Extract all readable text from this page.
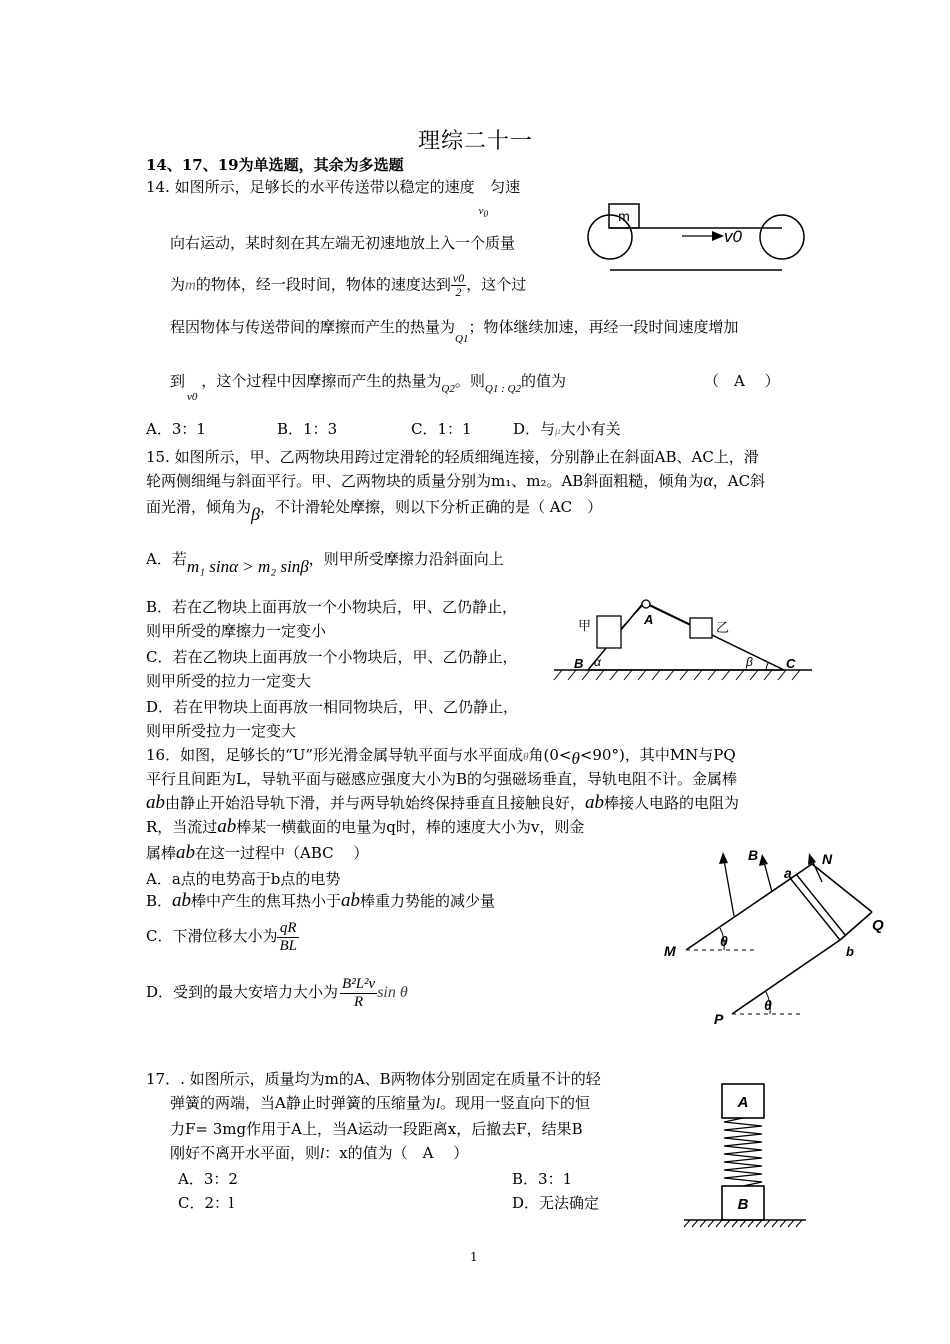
理综二十一
14、17、19为单选题，其余为多选题
14. 如图所示，足够长的水平传送带以稳定的速度$_{v_0}$匀速
向右运动，某时刻在其左端无初速地放上入一个质量
为m的物体，经一段时间，物体的速度达到 $\frac{v0}{2}$ ，这个过
程因物体与传送带间的摩擦而产生的热量为$_{Q1}$；物体继续加速，再经一段时间速度增加
到$_{v0}$，这个过程中因摩擦而产生的热量为$_{Q2}$。则$_{Q1 : Q2}$的值为	（　A　 ）
A．3：1	B．1：3	C．1：1	D．与μ大小有关
m
v0
15. 如图所示，甲、乙两物块用跨过定滑轮的轻质细绳连接，分别静止在斜面AB、AC上，滑
轮两侧细绳与斜面平行。甲、乙两物块的质量分别为m₁、m₂。AB斜面粗糙，倾角为α，AC斜
面光滑，倾角为β，不计滑轮处摩擦，则以下分析正确的是（ AC　）
A．若m₁ sinα > m₂ sinβ，则甲所受摩擦力沿斜面向上
B．若在乙物块上面再放一个小物块后，甲、乙仍静止，
则甲所受的摩擦力一定变小
C．若在乙物块上面再放一个小物块后，甲、乙仍静止，
则甲所受的拉力一定变大
D．若在甲物块上面再放一相同物块后，甲、乙仍静止，
则甲所受拉力一定变大
甲	乙
A
B	C
α	β
16．如图，足够长的“U”形光滑金属导轨平面与水平面成θ角(0<θ<90°)，其中MN与PQ
平行且间距为L，导轨平面与磁感应强度大小为B的匀强磁场垂直，导轨电阻不计。金属棒
ab由静止开始沿导轨下滑，并与两导轨始终保持垂直且接触良好，ab棒接人电路的电阻为
R，当流过ab棒某一横截面的电量为q时，棒的速度大小为v，则金
属棒ab在这一过程中（ABC　 ）
A．a点的电势高于b点的电势
B．ab棒中产生的焦耳热小于ab棒重力势能的减少量
C．下滑位移大小为 $\frac{qR}{BL}$
D．受到的最大安培力大小为 $\frac{\text{B²L²v}}{R}$ sin θ
B
a
N
Q
b
M
P
θ
θ
17．. 如图所示，质量均为m的A、B两物体分别固定在质量不计的轻
弹簧的两端，当A静止时弹簧的压缩量为l。现用一竖直向下的恒
力F= 3mg作用于A上，当A运动一段距离x，后撤去F，结果B
刚好不离开水平面，则l：x的值为（　A　 ）
A．3：2	B．3：1
C．2：l	D．无法确定
A
B
1
